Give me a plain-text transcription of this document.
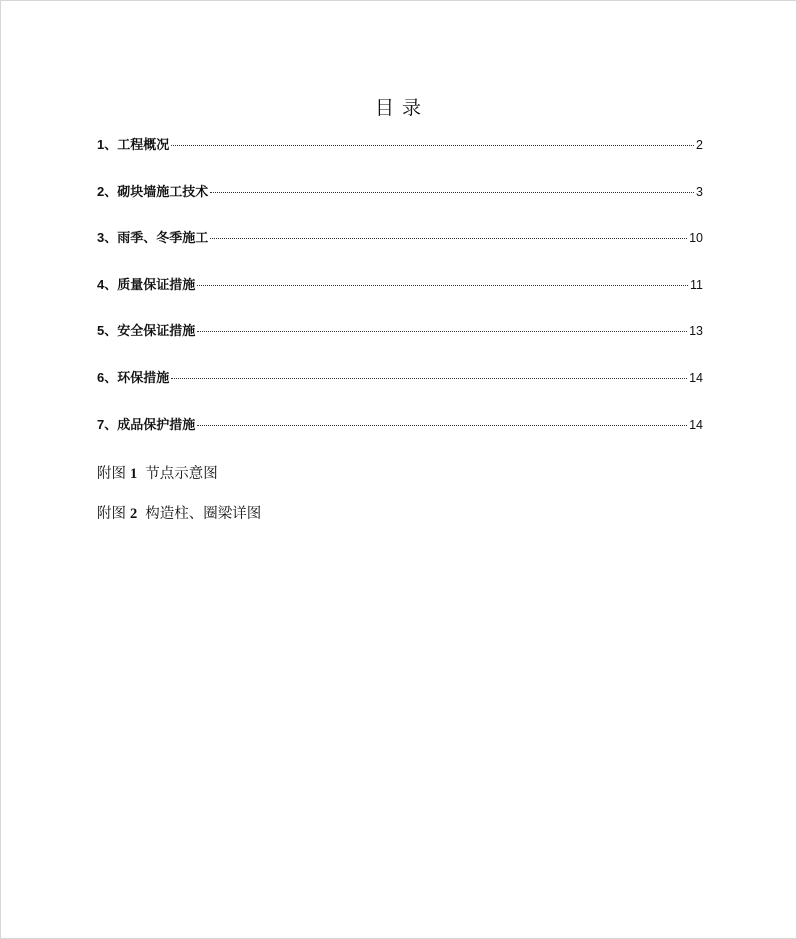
目 录
1、 工程概况	2
2、 砌块墙施工技术	3
3、 雨季、冬季施工	10
4、 质量保证措施	11
5、 安全保证措施	13
6、 环保措施	14
7、 成品保护措施	14
附图 1 节点示意图
附图 2 构造柱、圈梁详图
